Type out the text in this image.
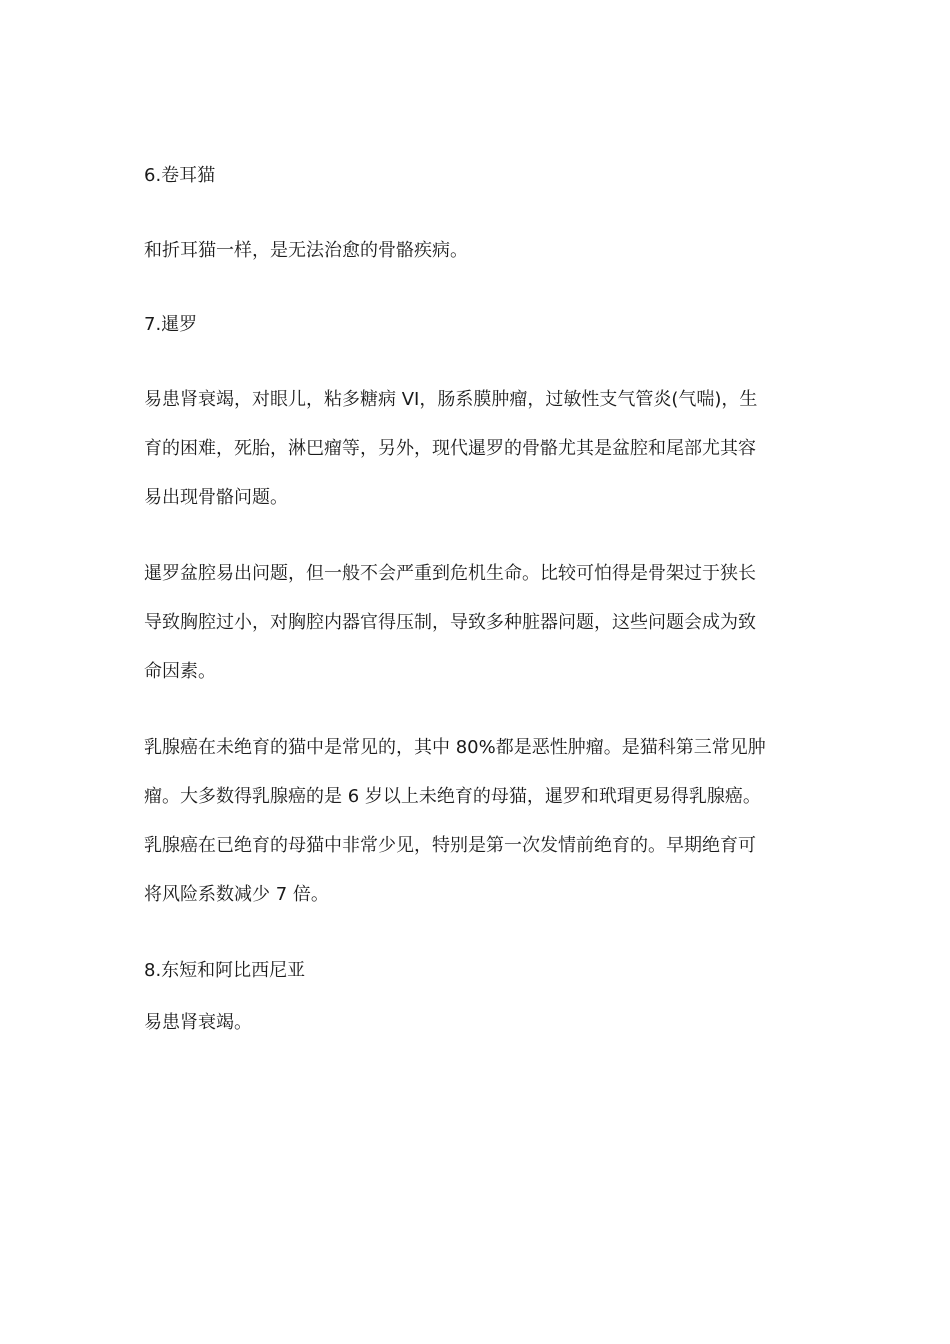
6.卷耳猫
和折耳猫一样，是无法治愈的骨骼疾病。
7.暹罗
易患肾衰竭，对眼儿，粘多糖病 VI，肠系膜肿瘤，过敏性支气管炎(气喘)，生
育的困难，死胎，淋巴瘤等，另外，现代暹罗的骨骼尤其是盆腔和尾部尤其容
易出现骨骼问题。
暹罗盆腔易出问题，但一般不会严重到危机生命。比较可怕得是骨架过于狭长
导致胸腔过小，对胸腔内器官得压制，导致多种脏器问题，这些问题会成为致
命因素。
乳腺癌在未绝育的猫中是常见的，其中 80%都是恶性肿瘤。是猫科第三常见肿
瘤。大多数得乳腺癌的是 6 岁以上未绝育的母猫，暹罗和玳瑁更易得乳腺癌。
乳腺癌在已绝育的母猫中非常少见，特别是第一次发情前绝育的。早期绝育可
将风险系数减少 7 倍。
8.东短和阿比西尼亚
易患肾衰竭。
